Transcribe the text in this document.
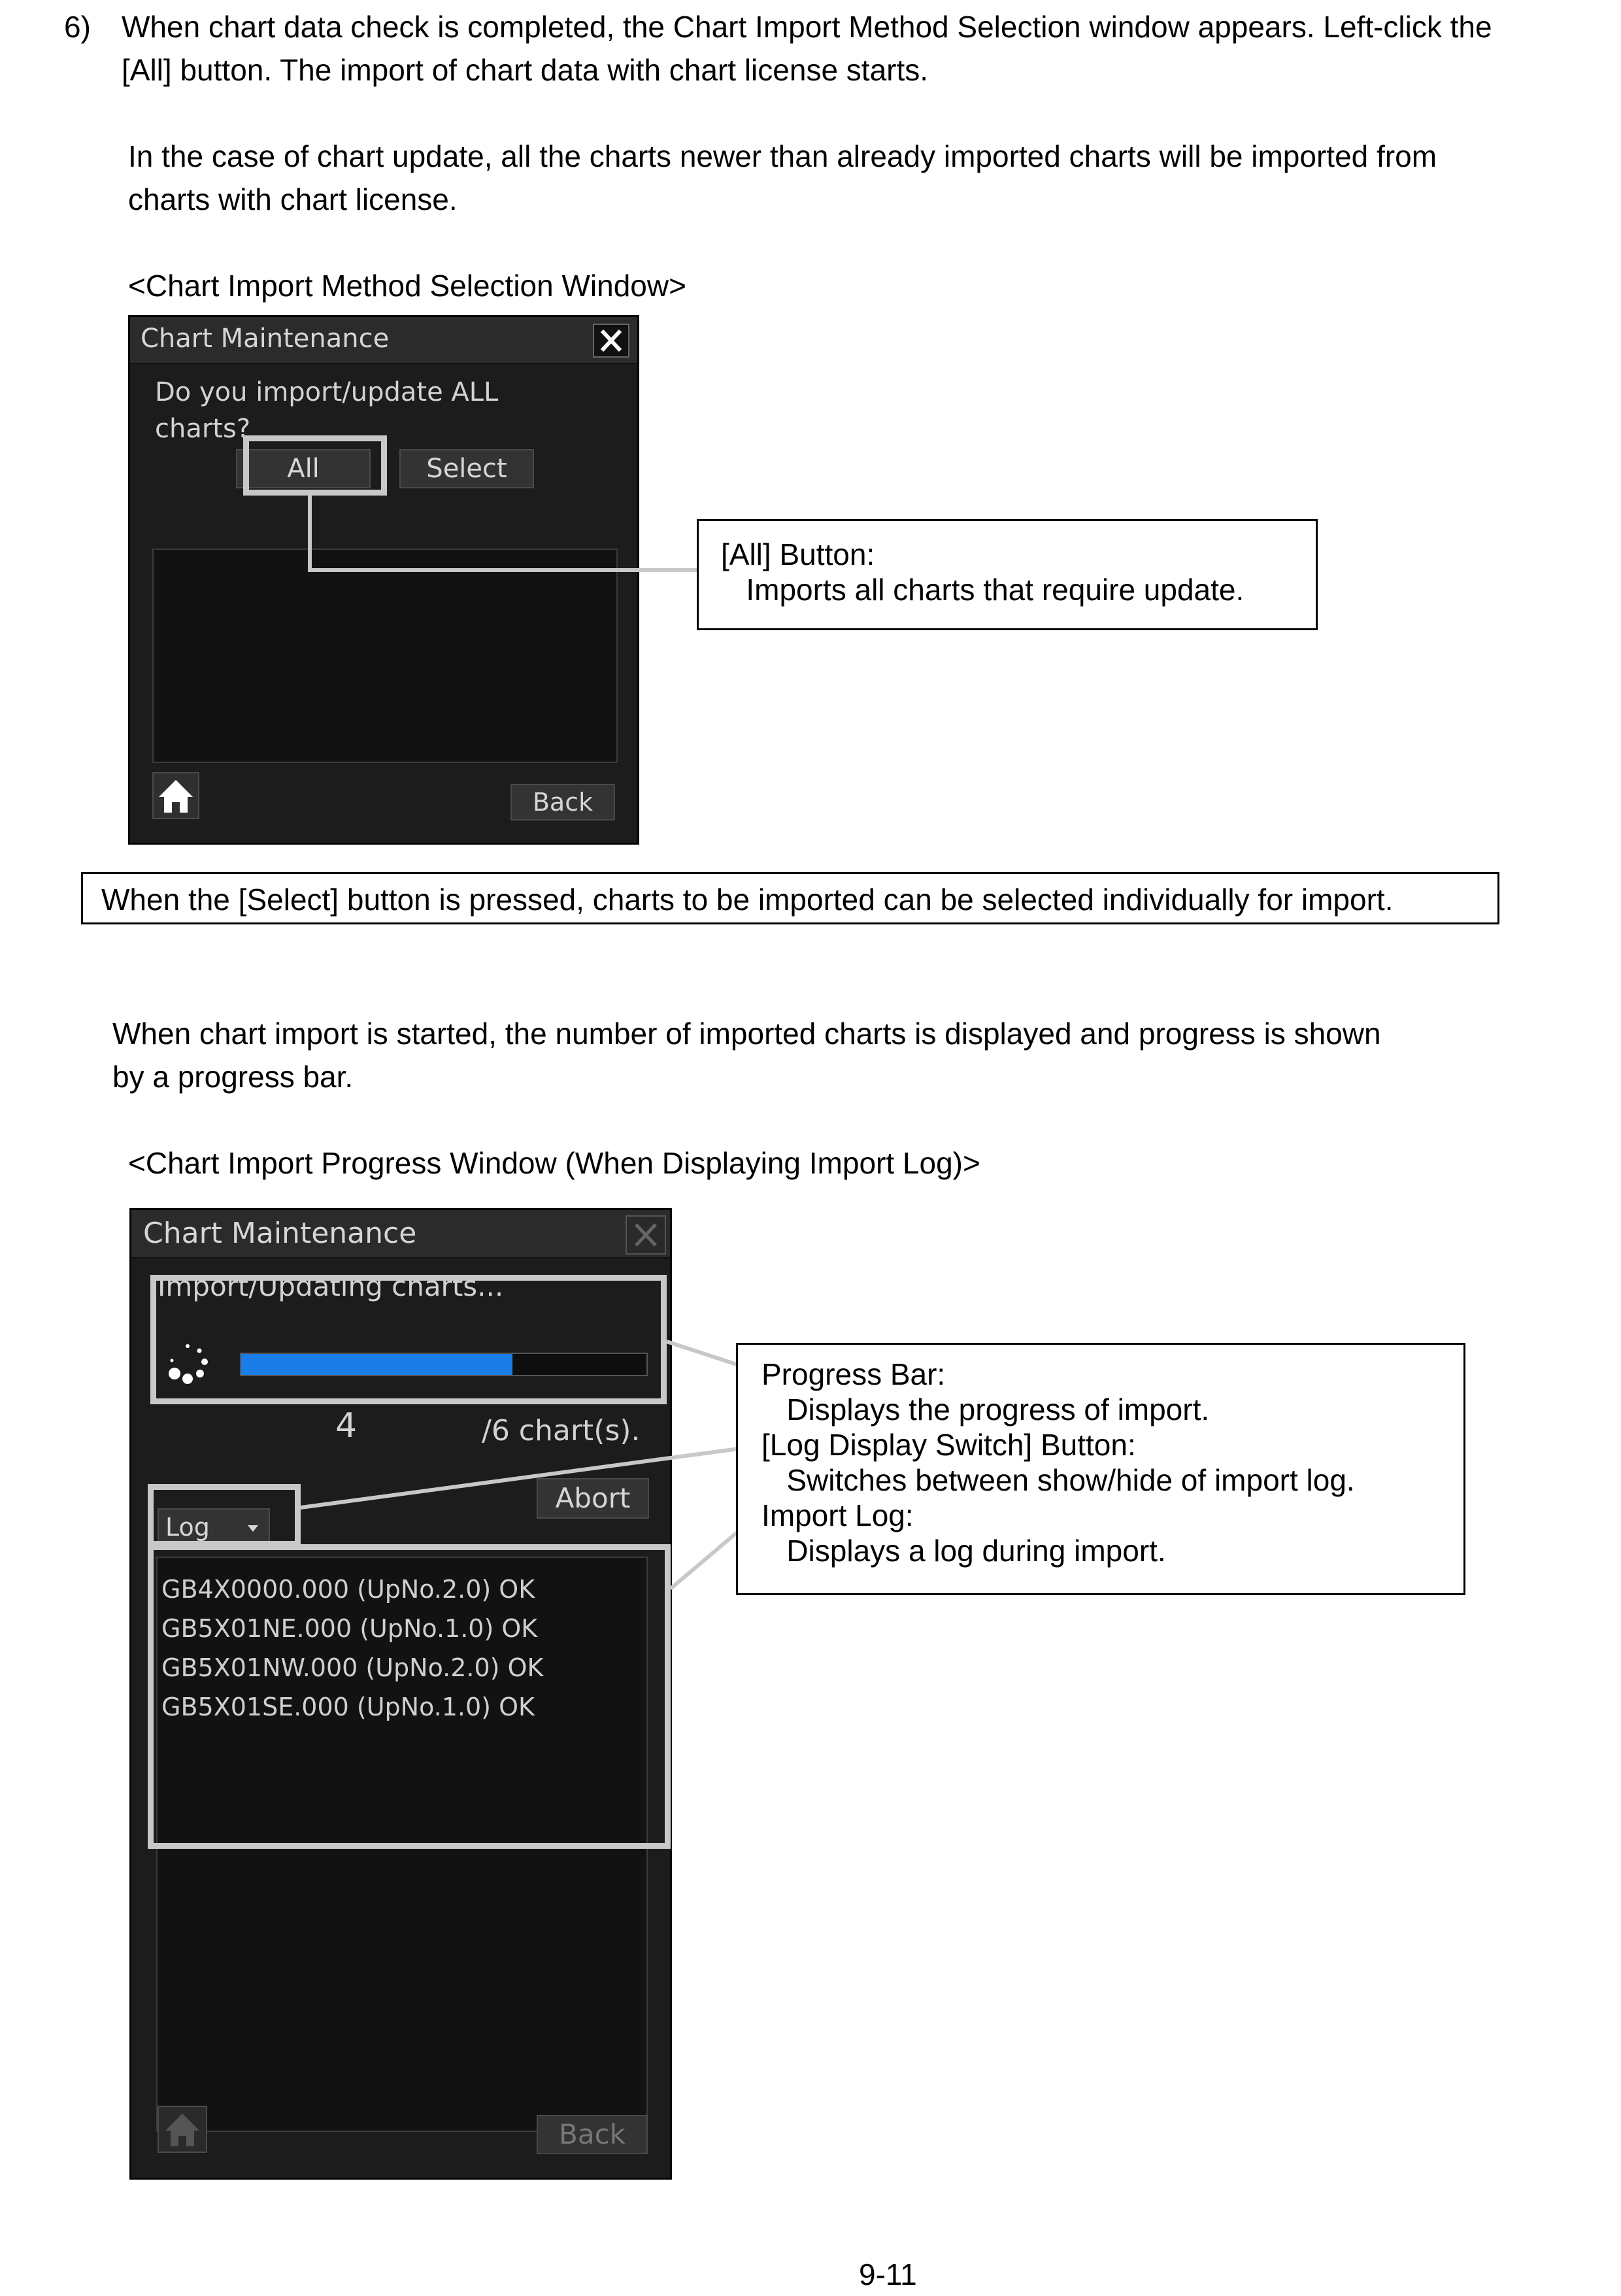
6) When chart data check is completed, the Chart Import Method Selection window appears. Left-click the
[All] button. The import of chart data with chart license starts.
In the case of chart update, all the charts newer than already imported charts will be imported from
charts with chart license.
<Chart Import Method Selection Window>
Chart Maintenance
Do you import/update ALL
charts?
All	Select
Back
[All] Button:
Imports all charts that require update.
When the [Select] button is pressed, charts to be imported can be selected individually for import.
When chart import is started, the number of imported charts is displayed and progress is shown
by a progress bar.
<Chart Import Progress Window (When Displaying Import Log)>
Chart Maintenance
Import/Updating charts...
4	/6 chart(s).
Log
Abort
GB4X0000.000 (UpNo.2.0) OK
GB5X01NE.000 (UpNo.1.0) OK
GB5X01NW.000 (UpNo.2.0) OK
GB5X01SE.000 (UpNo.1.0) OK
Back
Progress Bar:
Displays the progress of import.
[Log Display Switch] Button:
Switches between show/hide of import log.
Import Log:
Displays a log during import.
9-11
